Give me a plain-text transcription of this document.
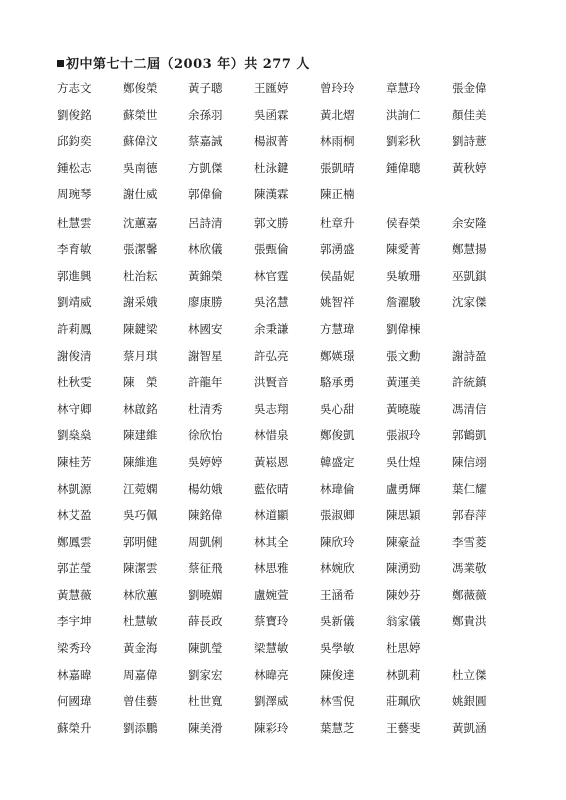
初中第七十二屆（2003 年）共 277 人
方志文	鄭俊榮	黃子聰	王匯婷	曾玲玲	章慧玲	張金偉
劉俊銘	蘇榮世	余孫羽	吳函霖	黃北熠	洪詢仁	顏佳美
邱鈞奕	蘇偉汶	蔡嘉誠	楊淑菁	林雨桐	劉彩秋	劉詩薏
鍾松志	吳南德	方凱傑	杜泳鍵	張凱晴	鍾偉聰	黃秋婷
周琬琴	謝仕威	郭偉倫	陳漢霖	陳正楠
杜慧雲	沈蕙嘉	呂詩清	郭文勝	杜章升	侯春榮	余安隆
李育敏	張潔馨	林欣儀	張甄倫	郭湧盛	陳愛菁	鄭慧揚
郭進興	杜治耘	黃錦榮	林官霆	侯晶妮	吳敏珊	巫凱錤
劉靖威	謝采娥	廖康勝	吳洺慧	姚智祥	詹濯駿	沈家傑
許莉鳳	陳鍵梁	林國安	余秉謙	方慧瑋	劉偉棟
謝俊清	蔡月琪	謝智星	許弘亮	鄭媖璟	張文勳	謝詩盈
杜秋雯	陳　榮	許龍年	洪賢音	駱承勇	黃運美	許統鎮
林守卿	林啟銘	杜清秀	吳志翔	吳心甜	黃曉璇	馮清信
劉燊燊	陳建維	徐欣怡	林惜泉	鄭俊凱	張淑玲	郭鶴凱
陳桂芳	陳維進	吳婷婷	黃崧恩	韓盛定	吳仕煌	陳信翊
林凱源	江菀嫻	楊幼娥	藍依晴	林瑋倫	盧勇輝	葉仁耀
林艾盈	吳巧佩	陳銘偉	林道顯	張淑卿	陳思穎	郭春萍
鄭鳳雲	郭明健	周凱俐	林其全	陳欣玲	陳豪益	李雪菱
郭芷瑩	陳潔雲	蔡征飛	林思雅	林婉欣	陳湧勁	馮業敬
黃慧薇	林欣蕙	劉曉媚	盧婉萱	王涵希	陳妙芬	鄭薇薇
李宇坤	杜慧敏	薛長政	蔡寶玲	吳新儀	翁家儀	鄭貴洪
梁秀玲	黃金海	陳凱瑩	梁慧敏	吳學敏	杜思婷
林嘉暐	周嘉偉	劉家宏	林暐亮	陳俊達	林凱莉	杜立傑
何國瑋	曾佳藝	杜世寬	劉澤威	林雪倪	莊珮欣	姚銀圓
蘇榮升	劉添鵬	陳美滑	陳彩玲	葉慧芝	王藝斐	黃凱涵
